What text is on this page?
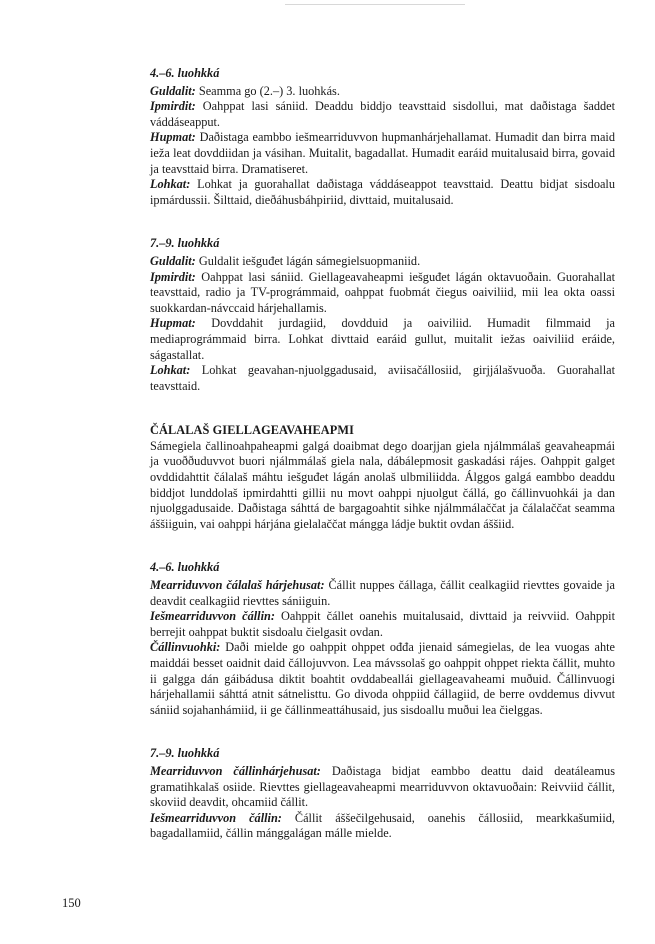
4.–6. luohkká

Guldalit: Seamma go (2.–) 3. luohkás.

Ipmirdit: Oahppat lasi sániid. Deaddu biddjo teavsttaid sisdollui, mat daðistaga šaddet váddáseapput.

Hupmat: Daðistaga eambbo iešmearriduvvon hupmanhárjehallamat. Humadit dan birra maid ieža leat dovddiidan ja vásihan. Muitalit, bagadallat. Humadit earáid muitalusaid birra, govaid ja teavsttaid birra. Dramatiseret.

Lohkat: Lohkat ja guorahallat daðistaga váddáseappot teavsttaid. Deattu bidjat sisdoalu ipmárdussii. Šilttaid, dieðáhusbáhpiriid, divttaid, muitalusaid.

7.–9. luohkká

Guldalit: Guldalit iešguđet lágán sámegielsuopmaniid.

Ipmirdit: Oahppat lasi sániid. Giellageavaheapmi iešguđet lágán oktavuoðain. Guorahallat teavsttaid, radio ja TV-prográmmaid, oahppat fuobmát čiegus oaiviliid, mii lea okta oassi suokkardan-návccaid hárjehallamis.

Hupmat: Dovddahit jurdagiid, dovdduid ja oaiviliid. Humadit filmmaid ja mediaprográmmaid birra. Lohkat divttaid earáid gullut, muitalit iežas oaiviliid eráide, ságastallat.

Lohkat: Lohkat geavahan-njuolggadusaid, aviisačállosiid, girjjálašvuoða. Guorahallat teavsttaid.

ČÁLALAŠ GIELLAGEAVAHEAPMI

Sámegiela čallinoahpaheapmi galgá doaibmat dego doarjjan giela njálmmálaš geavaheapmái ja vuoððuduvvot buori njálmmálaš giela nala, dábálepmosit gaskadási rájes. Oahppit galget ovddidahttit čálalaš máhtu iešguđet lágán anolaš ulbmiliidda. Álggos galgá eambbo deaddu biddjot lunddolaš ipmirdahtti gillii nu movt oahppi njuolgut čállá, go čállinvuohkái ja dan njuolggadusaide. Daðistaga sáhttá de bargagoahtit sihke njálmmálaččat ja čálalaččat seamma áššiiguin, vai oahppi hárjána gielalaččat mángga ládje buktit ovdan áššiid.

4.–6. luohkká

Mearriduvvon čálalaš hárjehusat: Čállit nuppes čállaga, čállit cealkagiid rievttes govaide ja deavdit cealkagiid rievttes sániiguin.

Iešmearriduvvon čállin: Oahppit čállet oanehis muitalusaid, divttaid ja reivviid. Oahppit berrejit oahppat buktit sisdoalu čielgasit ovdan.

Čállinvuohki: Daði mielde go oahppit ohppet ođđa jienaid sámegielas, de lea vuogas ahte maiddái besset oaidnit daid čállojuvvon. Lea mávssolaš go oahppit ohppet riekta čállit, muhto ii galgga dán gáibádusa diktit boahtit ovddabeallái giellageavaheami muðuid. Čállinvuogi hárjehallamii sáhttá atnit sátnelisttu. Go divoda ohppiid čállagiid, de berre ovddemus divvut sániid sojahanhámiid, ii ge čállinmeattáhusaid, jus sisdoallu muðui lea čielggas.

7.–9. luohkká

Mearriduvvon čállinhárjehusat: Daðistaga bidjat eambbo deattu daid deatáleamus gramatihkalaš osiide. Rievttes giellageavaheapmi mearriduvvon oktavuoðain: Reivviid čállit, skoviid deavdit, ohcamiid čállit.

Iešmearriduvvon čállin: Čállit áššečilgehusaid, oanehis čállosiid, mearkkašumiid, bagadallamiid, čállin mánggalágan málle mielde.

150
